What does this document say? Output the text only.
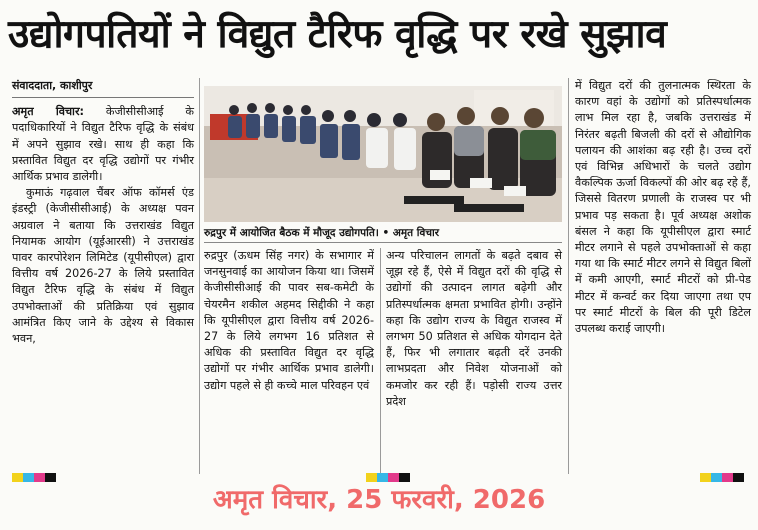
उद्योगपतियों ने विद्युत टैरिफ वृद्धि पर रखे सुझाव

संवाददाता, काशीपुर

अमृत विचार: केजीसीसीआई के पदाधिकारियों ने विद्युत टैरिफ वृद्धि के संबंध में अपने सुझाव रखे। साथ ही कहा कि प्रस्तावित विद्युत दर वृद्धि उद्योगों पर गंभीर आर्थिक प्रभाव डालेगी।

कुमाऊं गढ़वाल चैंबर ऑफ कॉमर्स एंड इंडस्ट्री (केजीसीसीआई) के अध्यक्ष पवन अग्रवाल ने बताया कि उत्तराखंड विद्युत नियामक आयोग (यूईआरसी) ने उत्तराखंड पावर कारपोरेशन लिमिटेड (यूपीसीएल) द्वारा वित्तीय वर्ष 2026-27 के लिये प्रस्तावित विद्युत टैरिफ वृद्धि के संबंध में विद्युत उपभोक्ताओं की प्रतिक्रिया एवं सुझाव आमंत्रित किए जाने के उद्देश्य से विकास भवन,

रुद्रपुर में आयोजित बैठक में मौजूद उद्योगपति। • अमृत विचार

रुद्रपुर (ऊधम सिंह नगर) के सभागार में जनसुनवाई का आयोजन किया था। जिसमें केजीसीसीआई की पावर सब-कमेटी के चेयरमैन शकील अहमद सिद्दीकी ने कहा कि यूपीसीएल द्वारा वित्तीय वर्ष 2026-27 के लिये लगभग 16 प्रतिशत से अधिक की प्रस्तावित विद्युत दर वृद्धि उद्योगों पर गंभीर आर्थिक प्रभाव डालेगी। उद्योग पहले से ही कच्चे माल परिवहन एवं

अन्य परिचालन लागतों के बढ़ते दबाव से जूझ रहे हैं, ऐसे में विद्युत दरों की वृद्धि से उद्योगों की उत्पादन लागत बढ़ेगी और प्रतिस्पर्धात्मक क्षमता प्रभावित होगी। उन्होंने कहा कि उद्योग राज्य के विद्युत राजस्व में लगभग 50 प्रतिशत से अधिक योगदान देते हैं, फिर भी लगातार बढ़ती दरें उनकी लाभप्रदता और निवेश योजनाओं को कमजोर कर रही हैं। पड़ोसी राज्य उत्तर प्रदेश

में विद्युत दरों की तुलनात्मक स्थिरता के कारण वहां के उद्योगों को प्रतिस्पर्धात्मक लाभ मिल रहा है, जबकि उत्तराखंड में निरंतर बढ़ती बिजली की दरों से औद्योगिक पलायन की आशंका बढ़ रही है। उच्च दरों एवं विभिन्न अधिभारों के चलते उद्योग वैकल्पिक ऊर्जा विकल्पों की ओर बढ़ रहे हैं, जिससे वितरण प्रणाली के राजस्व पर भी प्रभाव पड़ सकता है। पूर्व अध्यक्ष अशोक बंसल ने कहा कि यूपीसीएल द्वारा स्मार्ट मीटर लगाने से पहले उपभोक्ताओं से कहा गया था कि स्मार्ट मीटर लगने से विद्युत बिलों में कमी आएगी, स्मार्ट मीटरों को प्री-पेड मीटर में कन्वर्ट कर दिया जाएगा तथा एप पर स्मार्ट मीटरों के बिल की पूरी डिटेल उपलब्ध कराई जाएगी।

अमृत विचार, 25 फरवरी, 2026
